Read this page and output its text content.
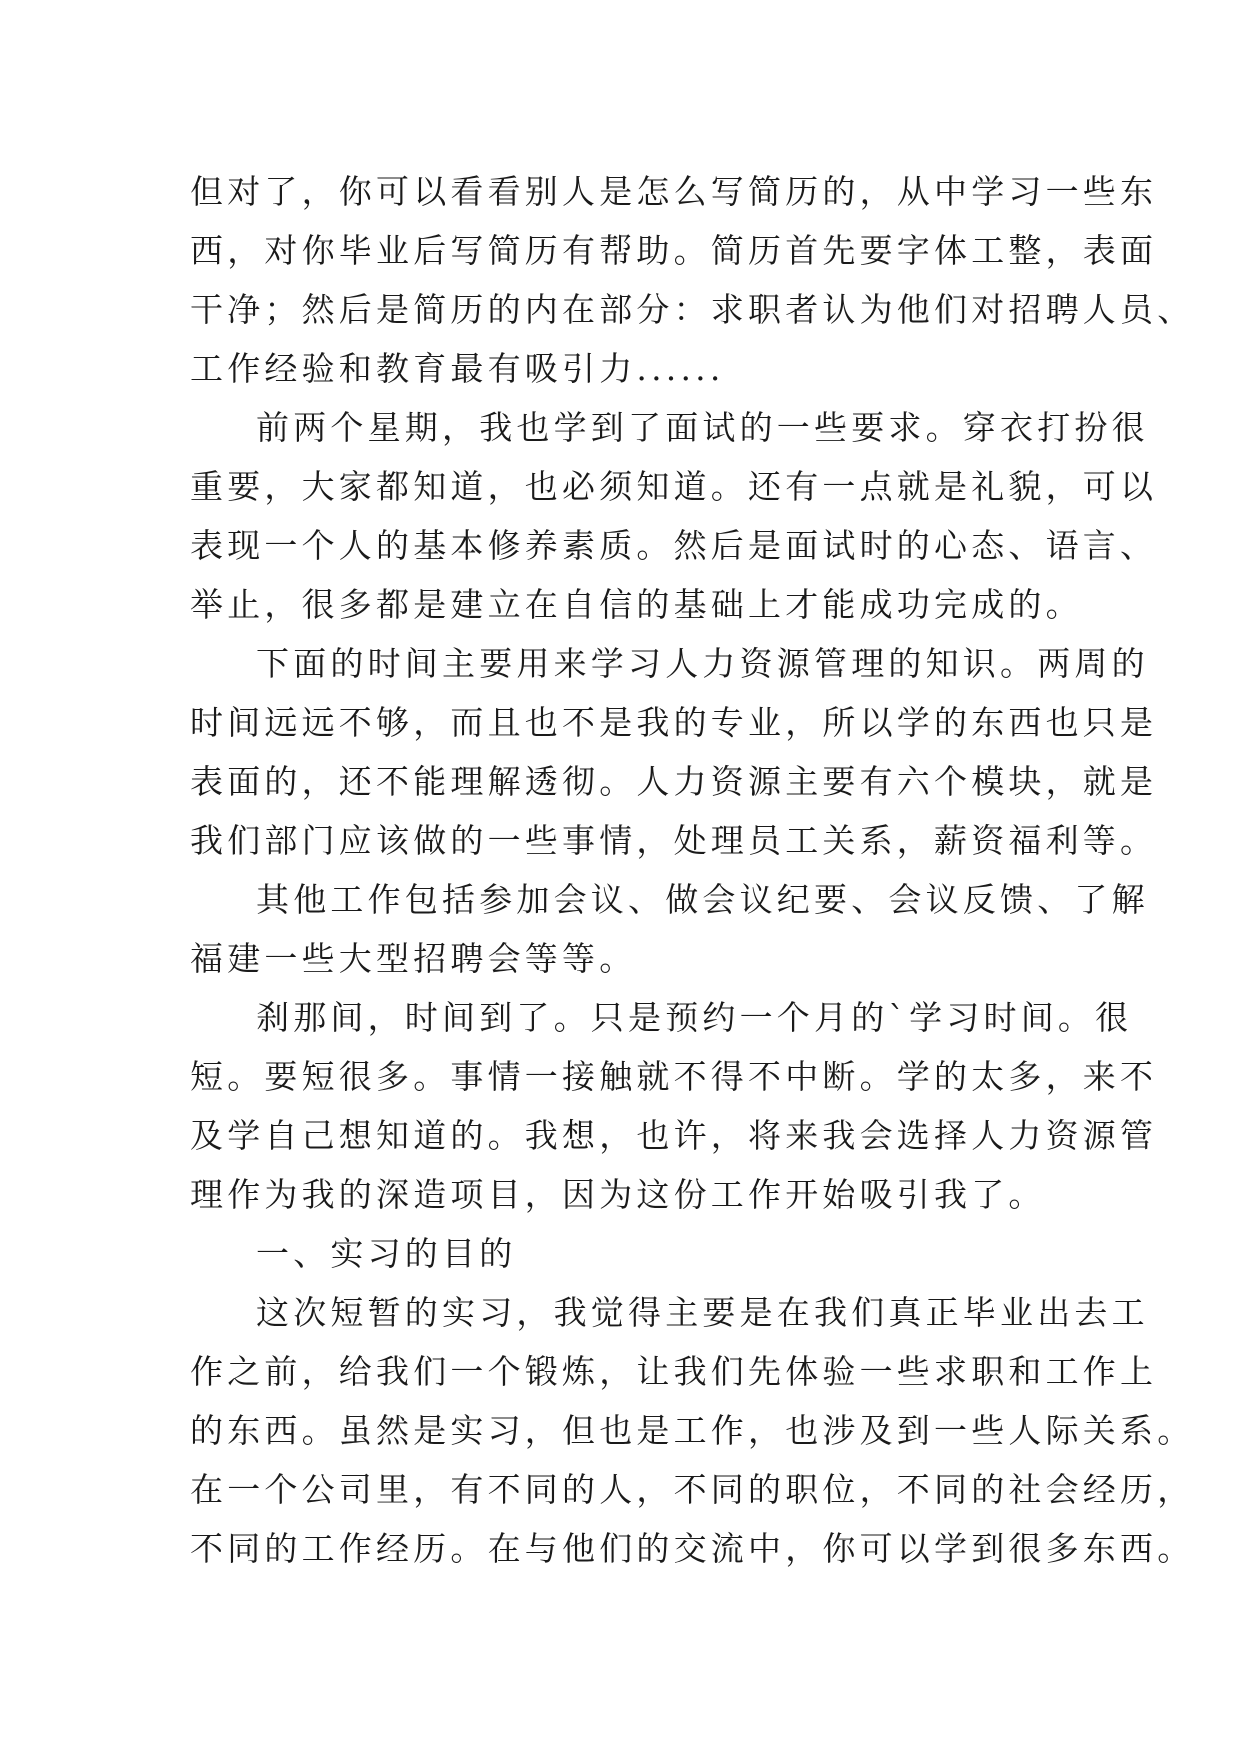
但对了，你可以看看别人是怎么写简历的，从中学习一些东
西，对你毕业后写简历有帮助。简历首先要字体工整，表面
干净；然后是简历的内在部分：求职者认为他们对招聘人员、
工作经验和教育最有吸引力......
前两个星期，我也学到了面试的一些要求。穿衣打扮很
重要，大家都知道，也必须知道。还有一点就是礼貌，可以
表现一个人的基本修养素质。然后是面试时的心态、语言、
举止，很多都是建立在自信的基础上才能成功完成的。
下面的时间主要用来学习人力资源管理的知识。两周的
时间远远不够，而且也不是我的专业，所以学的东西也只是
表面的，还不能理解透彻。人力资源主要有六个模块，就是
我们部门应该做的一些事情，处理员工关系，薪资福利等。
其他工作包括参加会议、做会议纪要、会议反馈、了解
福建一些大型招聘会等等。
刹那间，时间到了。只是预约一个月的`学习时间。很
短。要短很多。事情一接触就不得不中断。学的太多，来不
及学自己想知道的。我想，也许，将来我会选择人力资源管
理作为我的深造项目，因为这份工作开始吸引我了。
一、实习的目的
这次短暂的实习，我觉得主要是在我们真正毕业出去工
作之前，给我们一个锻炼，让我们先体验一些求职和工作上
的东西。虽然是实习，但也是工作，也涉及到一些人际关系。
在一个公司里，有不同的人，不同的职位，不同的社会经历，
不同的工作经历。在与他们的交流中，你可以学到很多东西。
